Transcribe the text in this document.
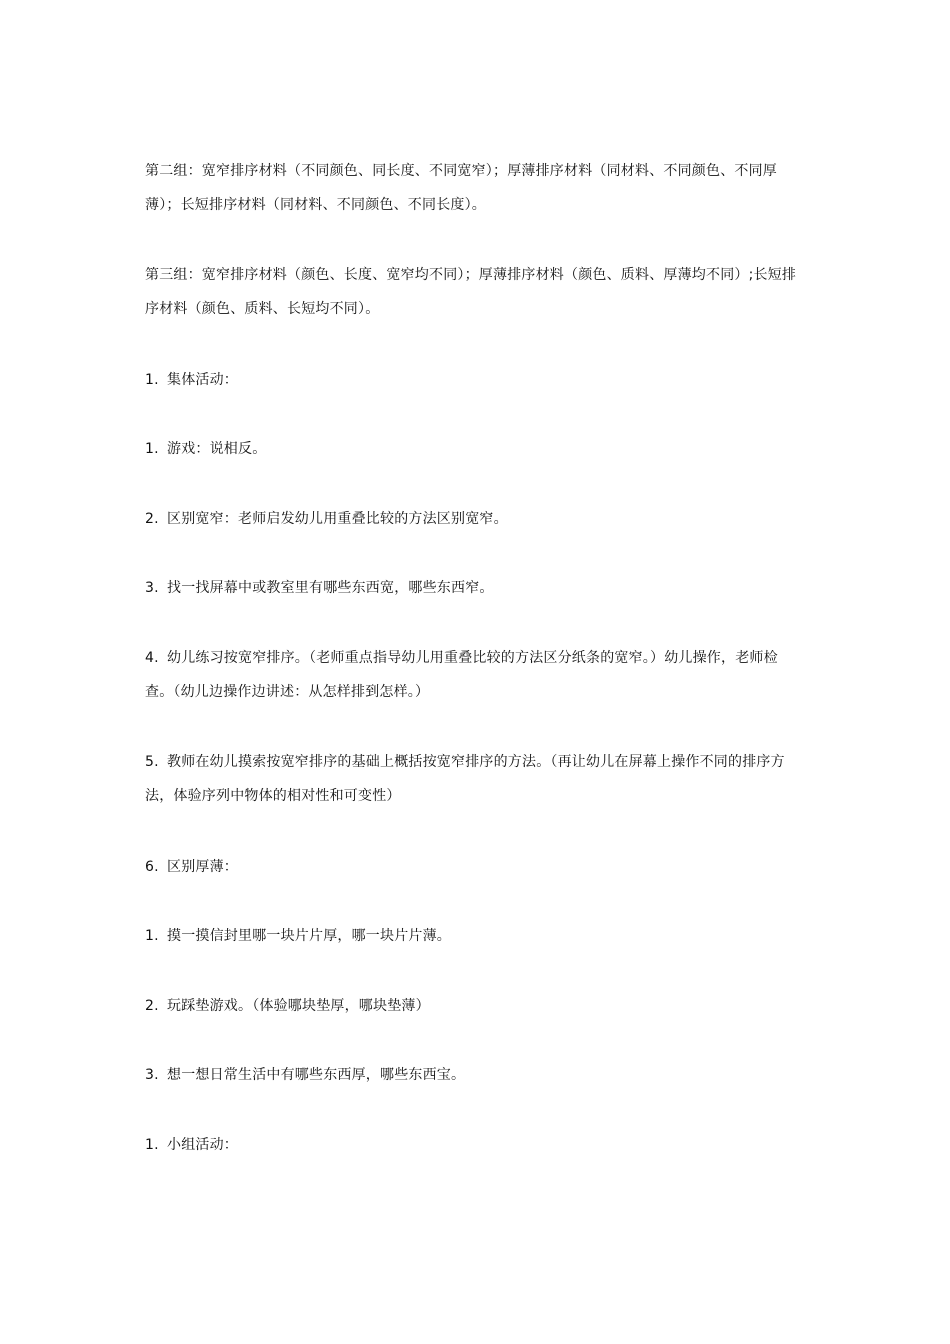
第二组：宽窄排序材料（不同颜色、同长度、不同宽窄）；厚薄排序材料（同材料、不同颜色、不同厚薄）；长短排序材料（同材料、不同颜色、不同长度）。

第三组：宽窄排序材料（颜色、长度、宽窄均不同）；厚薄排序材料（颜色、质料、厚薄均不同）;长短排序材料（颜色、质料、长短均不同）。

1. 集体活动：

1. 游戏：说相反。

2. 区别宽窄：老师启发幼儿用重叠比较的方法区别宽窄。

3. 找一找屏幕中或教室里有哪些东西宽，哪些东西窄。

4. 幼儿练习按宽窄排序。（老师重点指导幼儿用重叠比较的方法区分纸条的宽窄。）幼儿操作，老师检查。（幼儿边操作边讲述：从怎样排到怎样。）

5. 教师在幼儿摸索按宽窄排序的基础上概括按宽窄排序的方法。（再让幼儿在屏幕上操作不同的排序方法，体验序列中物体的相对性和可变性）

6. 区别厚薄：

1. 摸一摸信封里哪一块片片厚，哪一块片片薄。

2. 玩踩垫游戏。（体验哪块垫厚，哪块垫薄）

3. 想一想日常生活中有哪些东西厚，哪些东西宝。

1. 小组活动：
